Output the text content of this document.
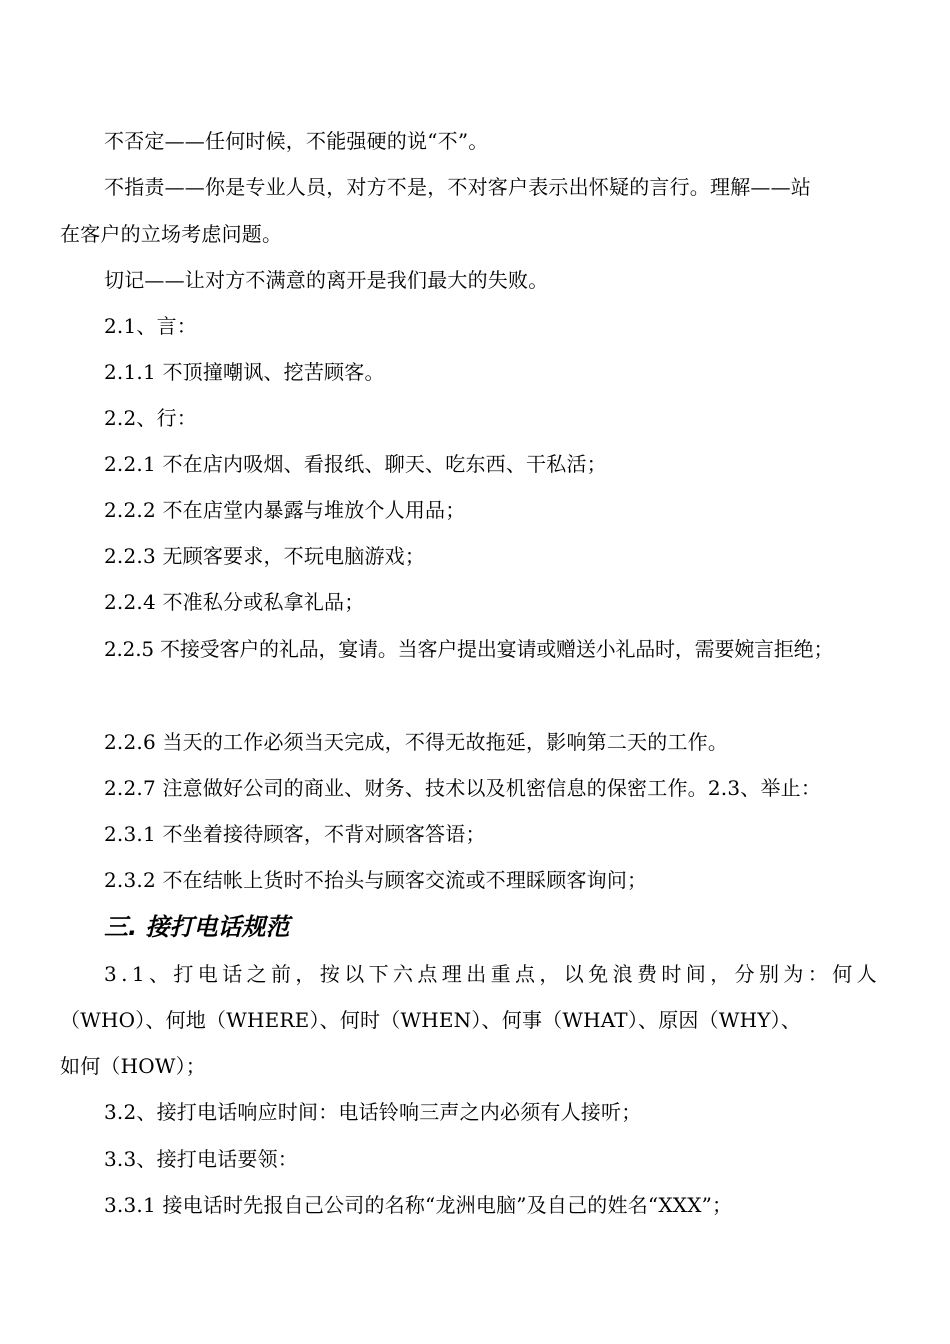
不否定——任何时候，不能强硬的说“不”。
不指责——你是专业人员，对方不是，不对客户表示出怀疑的言行。理解——站
在客户的立场考虑问题。
切记——让对方不满意的离开是我们最大的失败。
2.1、言：
2.1.1 不顶撞嘲讽、挖苦顾客。
2.2、行：
2.2.1 不在店内吸烟、看报纸、聊天、吃东西、干私活；
2.2.2 不在店堂内暴露与堆放个人用品；
2.2.3 无顾客要求，不玩电脑游戏；
2.2.4 不准私分或私拿礼品；
2.2.5 不接受客户的礼品，宴请。当客户提出宴请或赠送小礼品时，需要婉言拒绝；
2.2.6 当天的工作必须当天完成，不得无故拖延，影响第二天的工作。
2.2.7 注意做好公司的商业、财务、技术以及机密信息的保密工作。2.3、举止：
2.3.1 不坐着接待顾客，不背对顾客答语；
2.3.2 不在结帐上货时不抬头与顾客交流或不理睬顾客询问；
三. 接打电话规范
3.1、打电话之前，按以下六点理出重点，以免浪费时间，分别为：何人
（WHO）、何地（WHERE）、何时（WHEN）、何事（WHAT）、原因（WHY）、
如何（HOW）；
3.2、接打电话响应时间：电话铃响三声之内必须有人接听；
3.3、接打电话要领：
3.3.1 接电话时先报自己公司的名称“龙洲电脑”及自己的姓名“XXX”；
